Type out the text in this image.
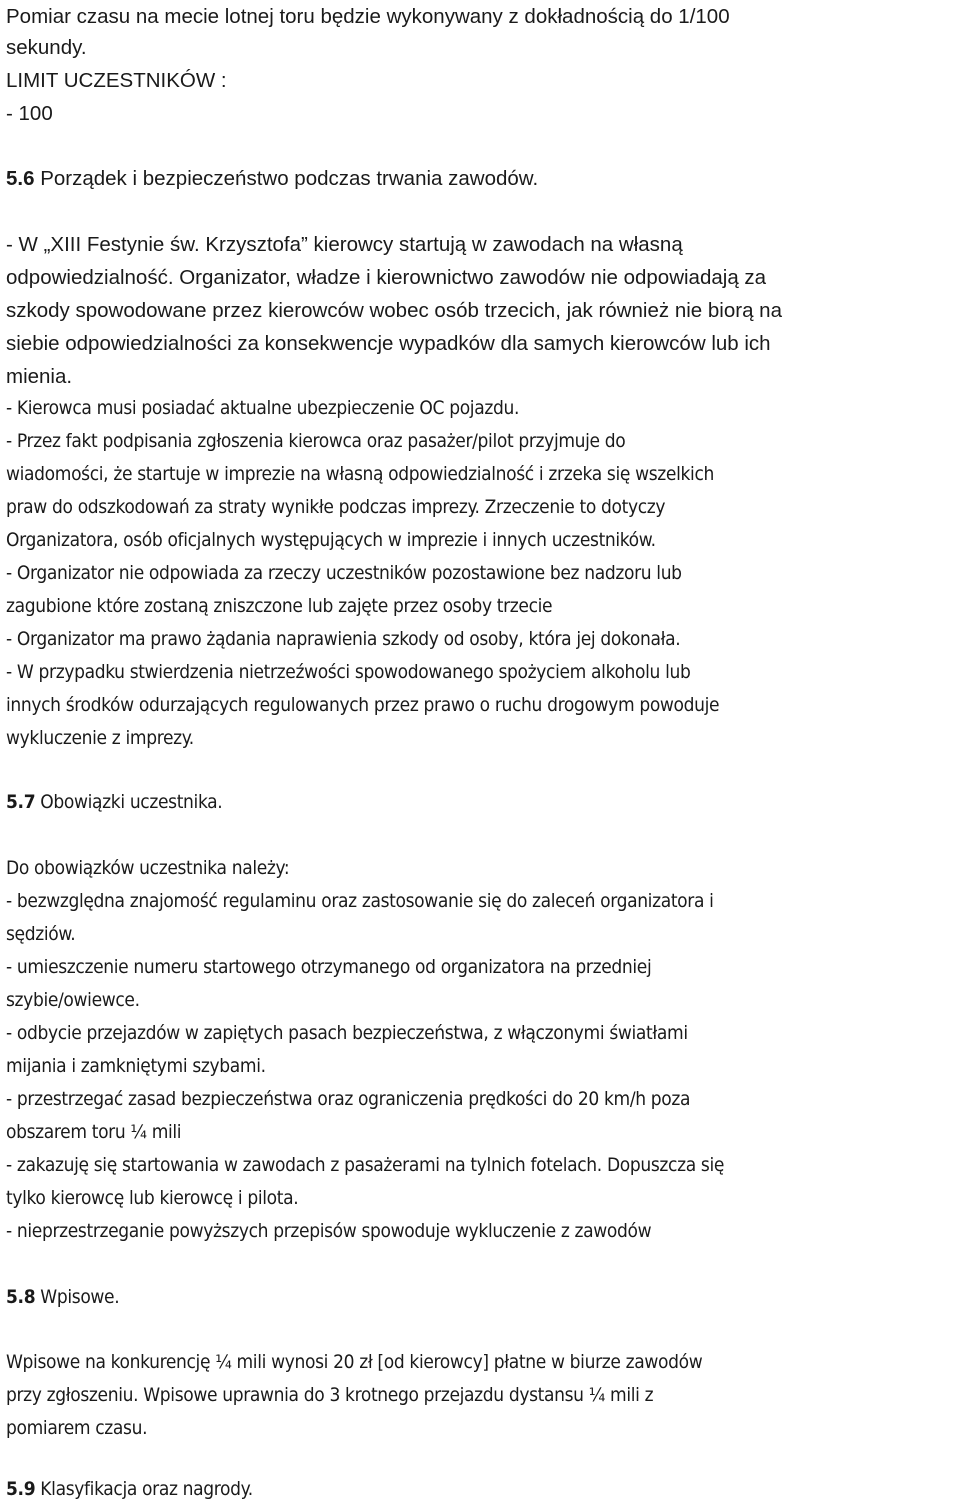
Pomiar czasu na mecie lotnej toru będzie wykonywany z dokładnością do 1/100
sekundy.
LIMIT UCZESTNIKÓW :
- 100
5.6 Porządek i bezpieczeństwo podczas trwania zawodów.
- W „XIII Festynie św. Krzysztofa” kierowcy startują w zawodach na własną
odpowiedzialność. Organizator, władze i kierownictwo zawodów nie odpowiadają za
szkody spowodowane przez kierowców wobec osób trzecich, jak również nie biorą na
siebie odpowiedzialności za konsekwencje wypadków dla samych kierowców lub ich
mienia.
- Kierowca musi posiadać aktualne ubezpieczenie OC pojazdu.
- Przez fakt podpisania zgłoszenia kierowca oraz pasażer/pilot przyjmuje do
wiadomości, że startuje w imprezie na własną odpowiedzialność i zrzeka się wszelkich
praw do odszkodowań za straty wynikłe podczas imprezy. Zrzeczenie to dotyczy
Organizatora, osób oficjalnych występujących w imprezie i innych uczestników.
- Organizator nie odpowiada za rzeczy uczestników pozostawione bez nadzoru lub
zagubione które zostaną zniszczone lub zajęte przez osoby trzecie
- Organizator ma prawo żądania naprawienia szkody od osoby, która jej dokonała.
- W przypadku stwierdzenia nietrzeźwości spowodowanego spożyciem alkoholu lub
innych środków odurzających regulowanych przez prawo o ruchu drogowym powoduje
wykluczenie z imprezy.
5.7 Obowiązki uczestnika.
Do obowiązków uczestnika należy:
- bezwzględna znajomość regulaminu oraz zastosowanie się do zaleceń organizatora i
sędziów.
- umieszczenie numeru startowego otrzymanego od organizatora na przedniej
szybie/owiewce.
- odbycie przejazdów w zapiętych pasach bezpieczeństwa, z włączonymi światłami
mijania i zamkniętymi szybami.
- przestrzegać zasad bezpieczeństwa oraz ograniczenia prędkości do 20 km/h poza
obszarem toru ¼ mili
- zakazuję się startowania w zawodach z pasażerami na tylnich fotelach. Dopuszcza się
tylko kierowcę lub kierowcę i pilota.
- nieprzestrzeganie powyższych przepisów spowoduje wykluczenie z zawodów
5.8 Wpisowe.
Wpisowe na konkurencję ¼ mili wynosi 20 zł [od kierowcy] płatne w biurze zawodów
przy zgłoszeniu. Wpisowe uprawnia do 3 krotnego przejazdu dystansu ¼ mili z
pomiarem czasu.
5.9 Klasyfikacja oraz nagrody.
